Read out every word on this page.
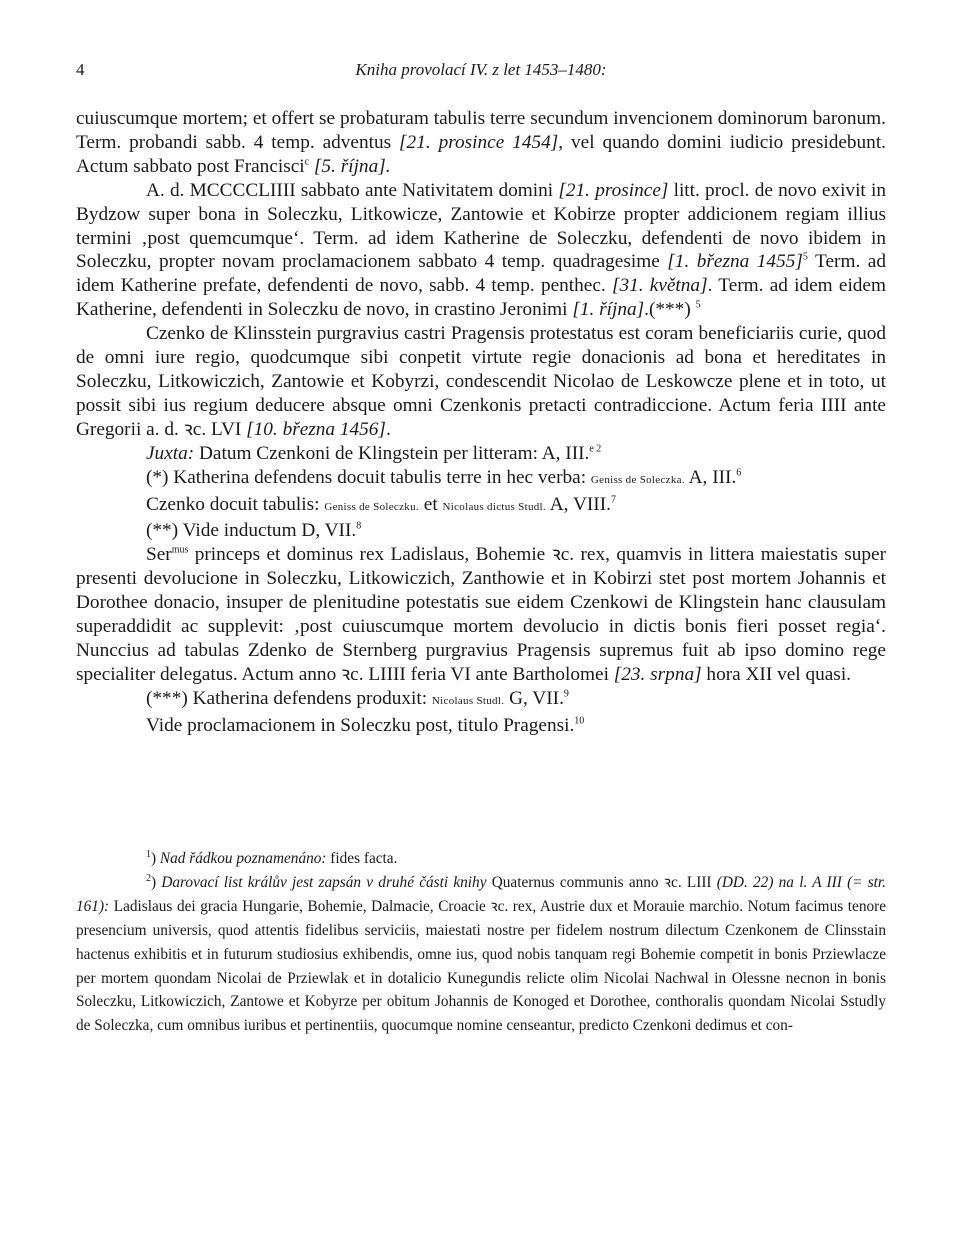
4	Kniha provolací IV. z let 1453–1480:

cuiuscumque mortem; et offert se probaturam tabulis terre secundum invencionem dominorum baronum. Term. probandi sabb. 4 temp. adventus [21. prosince 1454], vel quando domini iudicio presidebunt. Actum sabbato post Francisci$^c$ [5. října].

A. d. MCCCCLIIII sabbato ante Nativitatem domini [21. prosince] litt. procl. de novo exivit in Bydzow super bona in Soleczku, Litkowicze, Zantowie et Kobirze propter addicionem regiam illius termini ‚post quemcumque‘. Term. ad idem Katherine de Soleczku, defendenti de novo ibidem in Soleczku, propter novam proclamacionem sabbato 4 temp. quadragesime [1. března 1455]$^5$ Term. ad idem Katherine prefate, defendenti de novo, sabb. 4 temp. penthec. [31. května]. Term. ad idem eidem Katherine, defendenti in Soleczku de novo, in crastino Jeronimi [1. října].(***) $^5$

Czenko de Klinsstein purgravius castri Pragensis protestatus est coram beneficiariis curie, quod de omni iure regio, quodcumque sibi conpetit virtute regie donacionis ad bona et hereditates in Soleczku, Litkowiczich, Zantowie et Kobyrzi, condescendit Nicolao de Leskowcze plene et in toto, ut possit sibi ius regium deducere absque omni Czenkonis pretacti contradiccione. Actum feria IIII ante Gregorii a. d. ꝛc. LVI [10. března 1456].

Juxta: Datum Czenkoni de Klingstein per litteram: A, III.$^{e 2}$

(*) Katherina defendens docuit tabulis terre in hec verba: Geniss de Soleczka. A, III.$^6$

Czenko docuit tabulis: Geniss de Soleczku. et Nicolaus dictus Studl. A, VIII.$^7$

(**) Vide inductum D, VII.$^8$

Ser$^{mus}$ princeps et dominus rex Ladislaus, Bohemie ꝛc. rex, quamvis in littera maiestatis super presenti devolucione in Soleczku, Litkowiczich, Zanthowie et in Kobirzi stet post mortem Johannis et Dorothee donacio, insuper de plenitudine potestatis sue eidem Czenkowi de Klingstein hanc clausulam superaddidit ac supplevit: ‚post cuiuscumque mortem devolucio in dictis bonis fieri posset regia‘. Nunccius ad tabulas Zdenko de Sternberg purgravius Pragensis supremus fuit ab ipso domino rege specialiter delegatus. Actum anno ꝛc. LIIII feria VI ante Bartholomei [23. srpna] hora XII vel quasi.

(***) Katherina defendens produxit: Nicolaus Studl. G, VII.$^9$

Vide proclamacionem in Soleczku post, titulo Pragensi.$^{10}$

$^1$) Nad řádkou poznamenáno: fides facta.

$^2$) Darovací list králův jest zapsán v druhé části knihy Quaternus communis anno ꝛc. LIII (DD. 22) na l. A III (= str. 161): Ladislaus dei gracia Hungarie, Bohemie, Dalmacie, Croacie ꝛc. rex, Austrie dux et Morauie marchio. Notum facimus tenore presencium universis, quod attentis fidelibus serviciis, maiestati nostre per fidelem nostrum dilectum Czenkonem de Clinsstain hactenus exhibitis et in futurum studiosius exhibendis, omne ius, quod nobis tanquam regi Bohemie competit in bonis Prziewlacze per mortem quondam Nicolai de Prziewlak et in dotalicio Kunegundis relicte olim Nicolai Nachwal in Olessne necnon in bonis Soleczku, Litkowiczich, Zantowe et Kobyrze per obitum Johannis de Konoged et Dorothee, conthoralis quondam Nicolai Sstudly de Soleczka, cum omnibus iuribus et pertinentiis, quocumque nomine censeantur, predicto Czenkoni dedimus et con-
